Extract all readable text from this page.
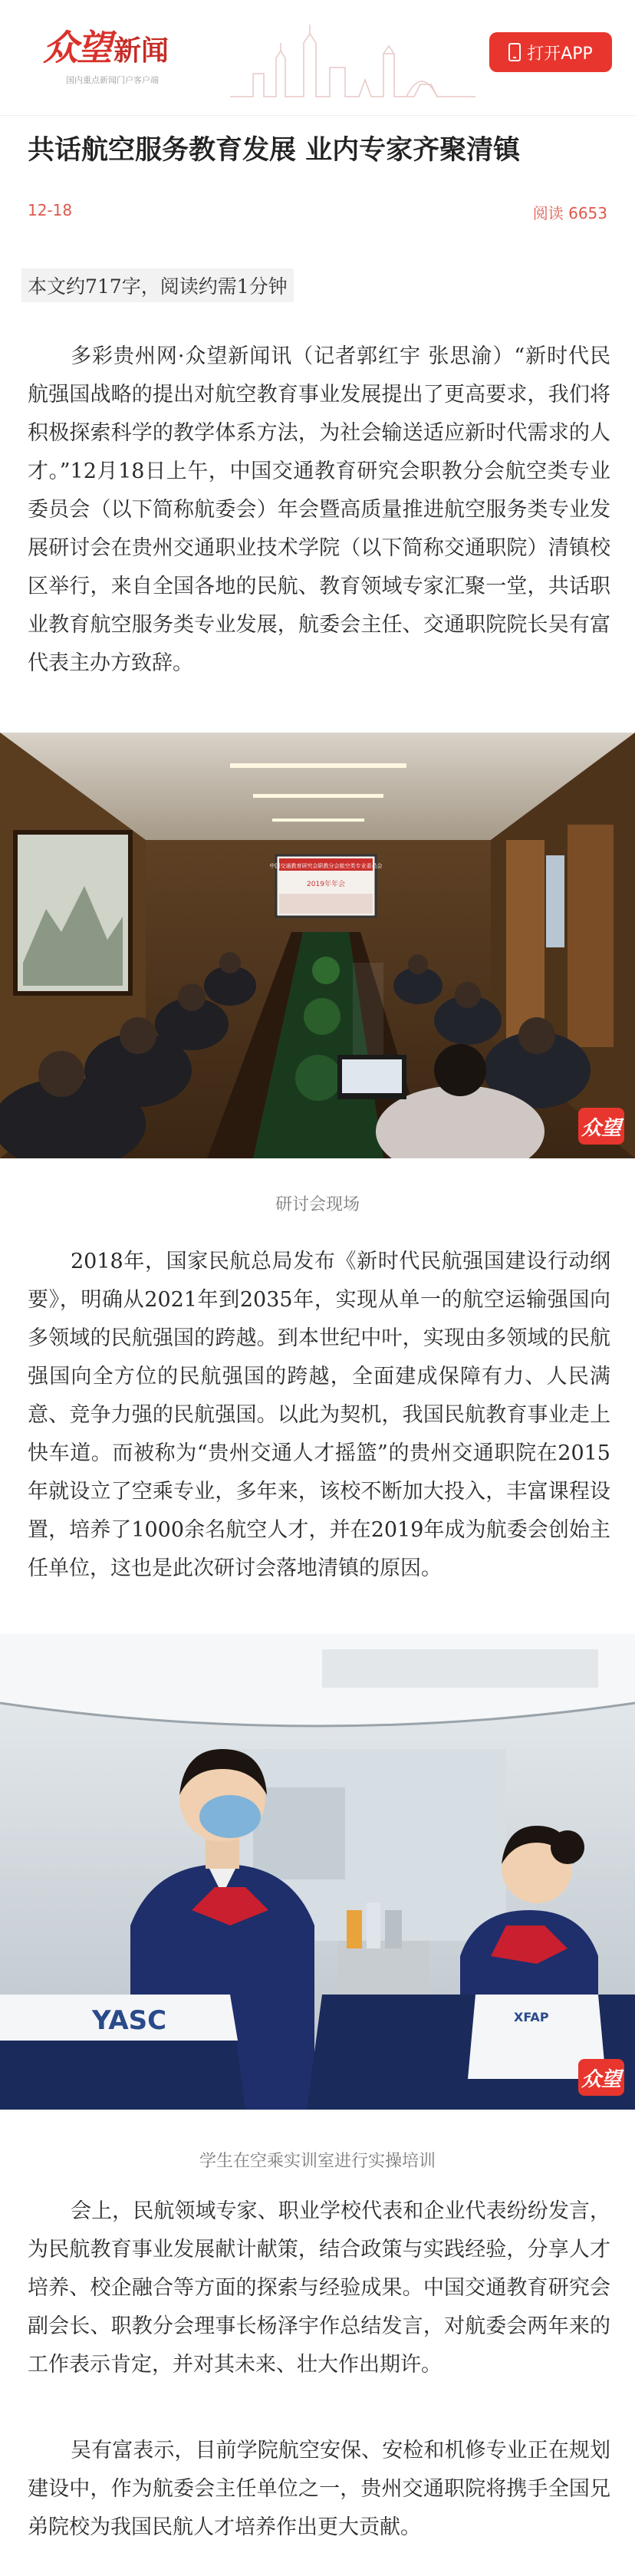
众望 新闻
国内重点新闻门户客户端
打开APP
共话航空服务教育发展 业内专家齐聚清镇
12-18	阅读 6653
本文约717字，阅读约需1分钟

多彩贵州网·众望新闻讯（记者郭红宇 张思渝）“新时代民航强国战略的提出对航空教育事业发展提出了更高要求，我们将积极探索科学的教学体系方法，为社会输送适应新时代需求的人才。”12月18日上午，中国交通教育研究会职教分会航空类专业委员会（以下简称航委会）年会暨高质量推进航空服务类专业发展研讨会在贵州交通职业技术学院（以下简称交通职院）清镇校区举行，来自全国各地的民航、教育领域专家汇聚一堂，共话职业教育航空服务类专业发展，航委会主任、交通职院院长吴有富代表主办方致辞。

中国交通教育研究会职教分会航空类专业委员会
2019年年会
众望
研讨会现场

2018年，国家民航总局发布《新时代民航强国建设行动纲要》，明确从2021年到2035年，实现从单一的航空运输强国向多领域的民航强国的跨越。到本世纪中叶，实现由多领域的民航强国向全方位的民航强国的跨越，全面建成保障有力、人民满意、竞争力强的民航强国。以此为契机，我国民航教育事业走上快车道。而被称为“贵州交通人才摇篮”的贵州交通职院在2015年就设立了空乘专业，多年来，该校不断加大投入，丰富课程设置，培养了1000余名航空人才，并在2019年成为航委会创始主任单位，这也是此次研讨会落地清镇的原因。

YASC	XFAP
众望
学生在空乘实训室进行实操培训

会上，民航领域专家、职业学校代表和企业代表纷纷发言，为民航教育事业发展献计献策，结合政策与实践经验，分享人才培养、校企融合等方面的探索与经验成果。中国交通教育研究会副会长、职教分会理事长杨泽宇作总结发言，对航委会两年来的工作表示肯定，并对其未来、壮大作出期许。

吴有富表示，目前学院航空安保、安检和机修专业正在规划建设中，作为航委会主任单位之一，贵州交通职院将携手全国兄弟院校为我国民航人才培养作出更大贡献。
